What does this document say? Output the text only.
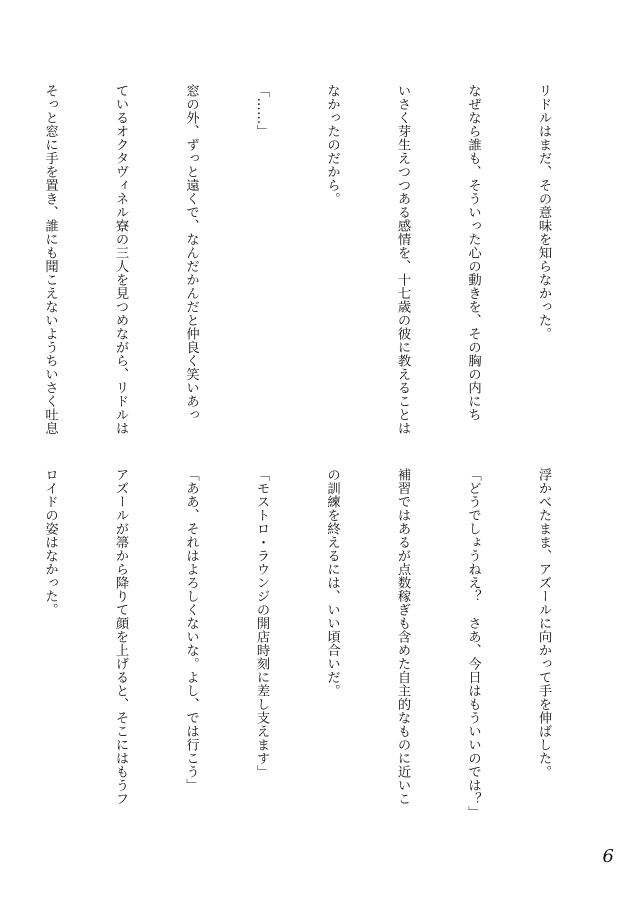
リドルはまだ、その意味を知らなかった。

なぜなら誰も、そういった心の動きを、その胸の内にち

いさく芽生えつつある感情を、十七歳の彼に教えることは

なかったのだから。

「……」

窓の外、ずっと遠くで、なんだかんだと仲良く笑いあっ

ているオクタヴィネル寮の三人を見つめながら、リドルは

そっと窓に手を置き、誰にも聞こえないようちいさく吐息

浮かべたまま、アズールに向かって手を伸ばした。

「どうでしょうねえ？　さあ、今日はもういいのでは？」

補習ではあるが点数稼ぎも含めた自主的なものに近いこ

の訓練を終えるには、いい頃合いだ。

「モストロ・ラウンジの開店時刻に差し支えます」

「ああ、それはよろしくないな。よし、では行こう」

アズールが箒から降りて顔を上げると、そこにはもうフ

ロイドの姿はなかった。

6
